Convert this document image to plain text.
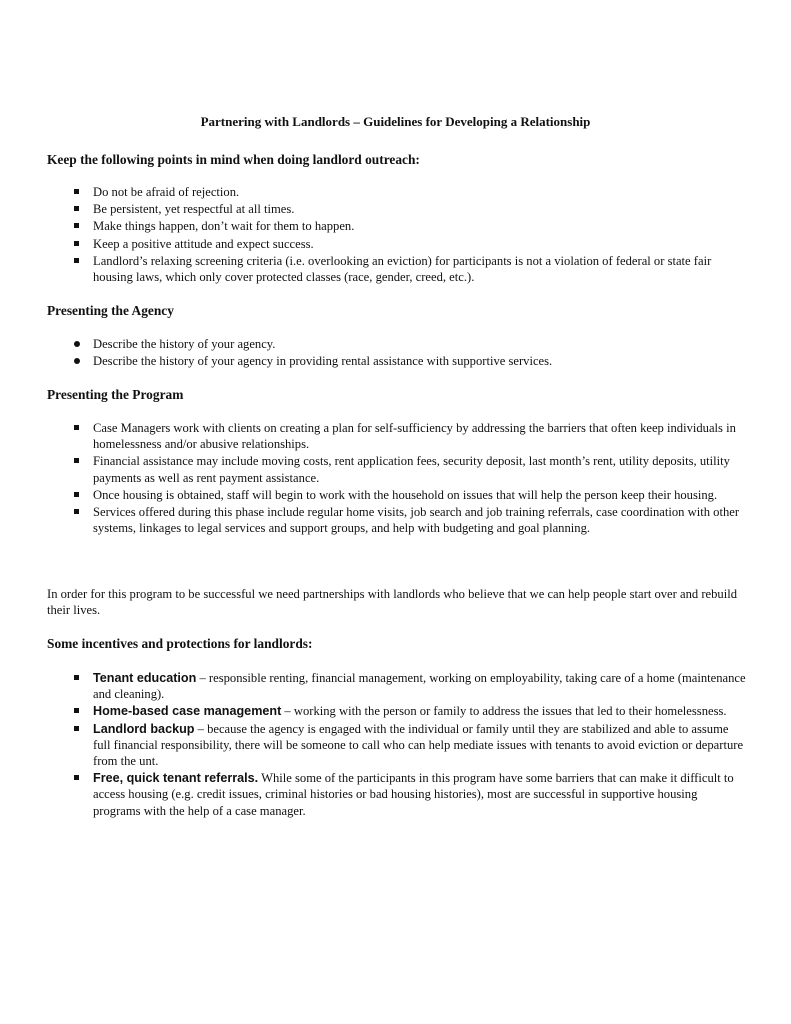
Partnering with Landlords – Guidelines for Developing a Relationship
Keep the following points in mind when doing landlord outreach:
Do not be afraid of rejection.
Be persistent, yet respectful at all times.
Make things happen, don’t wait for them to happen.
Keep a positive attitude and expect success.
Landlord’s relaxing screening criteria (i.e. overlooking an eviction) for participants is not a violation of federal or state fair housing laws, which only cover protected classes (race, gender, creed, etc.).
Presenting the Agency
Describe the history of your agency.
Describe the history of your agency in providing rental assistance with supportive services.
Presenting the Program
Case Managers work with clients on creating a plan for self-sufficiency by addressing the barriers that often keep individuals in homelessness and/or abusive relationships.
Financial assistance may include moving costs, rent application fees, security deposit, last month’s rent, utility deposits, utility payments as well as rent payment assistance.
Once housing is obtained, staff will begin to work with the household on issues that will help the person keep their housing.
Services offered during this phase include regular home visits, job search and job training referrals, case coordination with other systems, linkages to legal services and support groups, and help with budgeting and goal planning.
In order for this program to be successful we need partnerships with landlords who believe that we can help people start over and rebuild their lives.
Some incentives and protections for landlords:
Tenant education – responsible renting, financial management, working on employability, taking care of a home (maintenance and cleaning).
Home-based case management – working with the person or family to address the issues that led to their homelessness.
Landlord backup – because the agency is engaged with the individual or family until they are stabilized and able to assume full financial responsibility, there will be someone to call who can help mediate issues with tenants to avoid eviction or departure from the unt.
Free, quick tenant referrals. While some of the participants in this program have some barriers that can make it difficult to access housing (e.g. credit issues, criminal histories or bad housing histories), most are successful in supportive housing programs with the help of a case manager.
